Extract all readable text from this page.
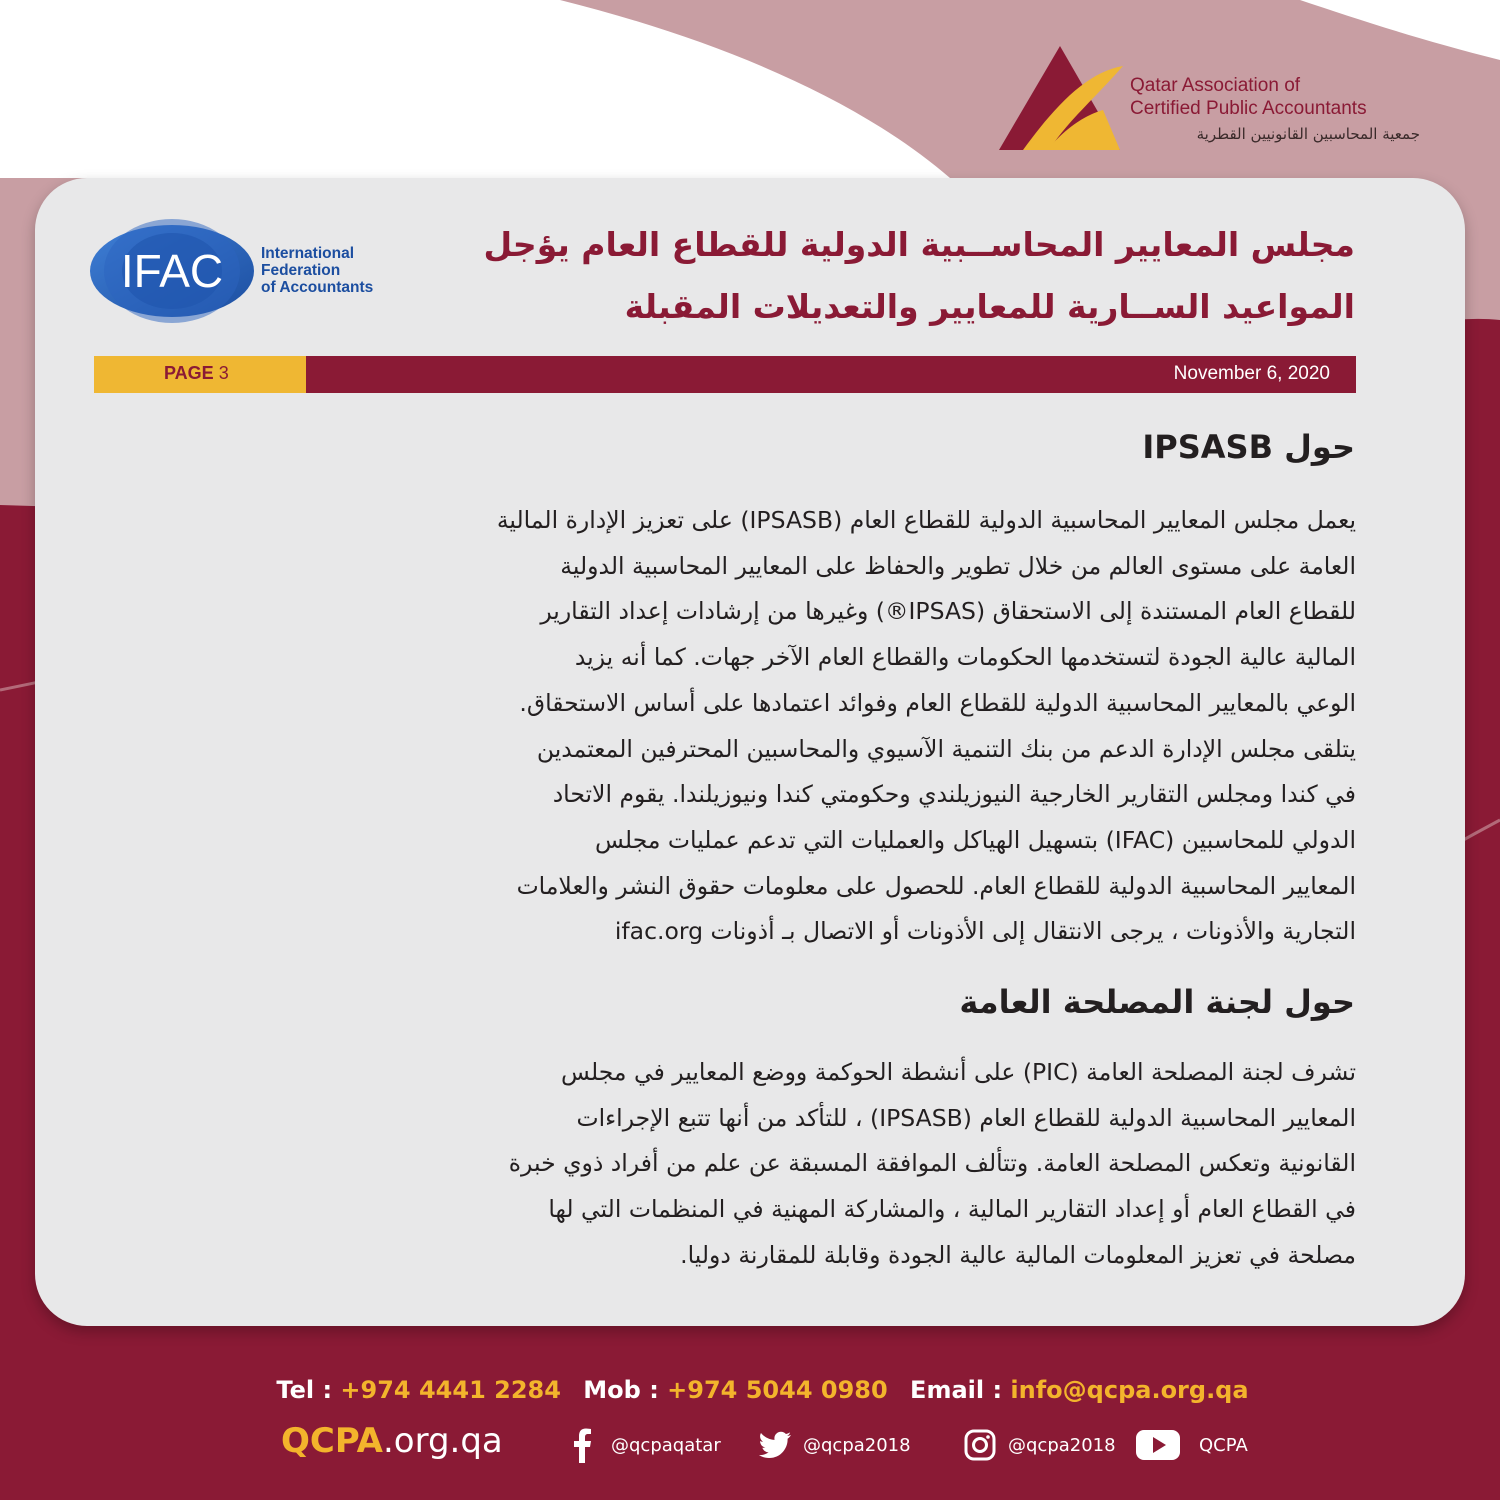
Qatar Association of
Certified Public Accountants
جمعية المحاسبين القانونيين القطرية
IFAC International
Federation
of Accountants
مجلس المعايير المحاســبية الدولية للقطاع العام يؤجل
المواعيد الســارية للمعايير والتعديلات المقبلة
PAGE 3	November 6, 2020
حول IPSASB
يعمل مجلس المعايير المحاسبية الدولية للقطاع العام (IPSASB) على تعزيز الإدارة المالية
العامة على مستوى العالم من خلال تطوير والحفاظ على المعايير المحاسبية الدولية
للقطاع العام المستندة إلى الاستحقاق (IPSAS®) وغيرها من إرشادات إعداد التقارير
المالية عالية الجودة لتستخدمها الحكومات والقطاع العام الآخر جهات. كما أنه يزيد
الوعي بالمعايير المحاسبية الدولية للقطاع العام وفوائد اعتمادها على أساس الاستحقاق.
يتلقى مجلس الإدارة الدعم من بنك التنمية الآسيوي والمحاسبين المحترفين المعتمدين
في كندا ومجلس التقارير الخارجية النيوزيلندي وحكومتي كندا ونيوزيلندا. يقوم الاتحاد
الدولي للمحاسبين (IFAC) بتسهيل الهياكل والعمليات التي تدعم عمليات مجلس
المعايير المحاسبية الدولية للقطاع العام. للحصول على معلومات حقوق النشر والعلامات
التجارية والأذونات ، يرجى الانتقال إلى الأذونات أو الاتصال بـ أذونات ifac.org
حول لجنة المصلحة العامة
تشرف لجنة المصلحة العامة (PIC) على أنشطة الحوكمة ووضع المعايير في مجلس
المعايير المحاسبية الدولية للقطاع العام (IPSASB) ، للتأكد من أنها تتبع الإجراءات
القانونية وتعكس المصلحة العامة. وتتألف الموافقة المسبقة عن علم من أفراد ذوي خبرة
في القطاع العام أو إعداد التقارير المالية ، والمشاركة المهنية في المنظمات التي لها
مصلحة في تعزيز المعلومات المالية عالية الجودة وقابلة للمقارنة دوليا.
Tel : +974 4441 2284 Mob : +974 5044 0980 Email : info@qcpa.org.qa
QCPA.org.qa	@qcpaqatar	@qcpa2018	@qcpa2018	QCPA
